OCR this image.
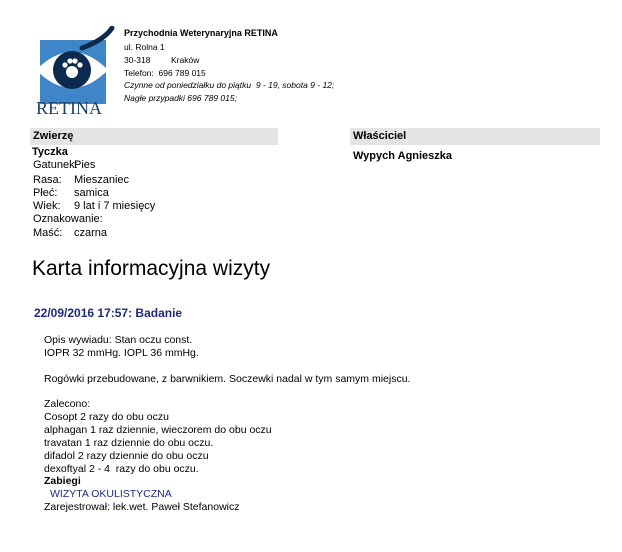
RETINA
Przychodnia Weterynaryjna RETINA
ul. Rolna 1
30-318 Kraków
Telefon:  696 789 015
Czynne od poniedziałku do piątku  9 - 19, sobota 9 - 12;
Nagłe przypadki 696 789 015;
Zwierzę	Właściciel
Tyczka	Wypych Agnieszka
Gatunek:
Pies
Rasa: Mieszaniec
Płeć: samica
Wiek: 9 lat i 7 miesięcy
Oznakowanie:
Maść: czarna
Karta informacyjna wizyty
22/09/2016 17:57: Badanie
Opis wywiadu: Stan oczu const.
IOPR 32 mmHg. IOPL 36 mmHg.
Rogówki przebudowane, z barwnikiem. Soczewki nadal w tym samym miejscu.
Zalecono:
Cosopt 2 razy do obu oczu
alphagan 1 raz dziennie, wieczorem do obu oczu
travatan 1 raz dziennie do obu oczu.
difadol 2 razy dziennie do obu oczu
dexoftyal 2 - 4  razy do obu oczu.
Zabiegi
WIZYTA OKULISTYCZNA
Zarejestrował: lek.wet. Paweł Stefanowicz
